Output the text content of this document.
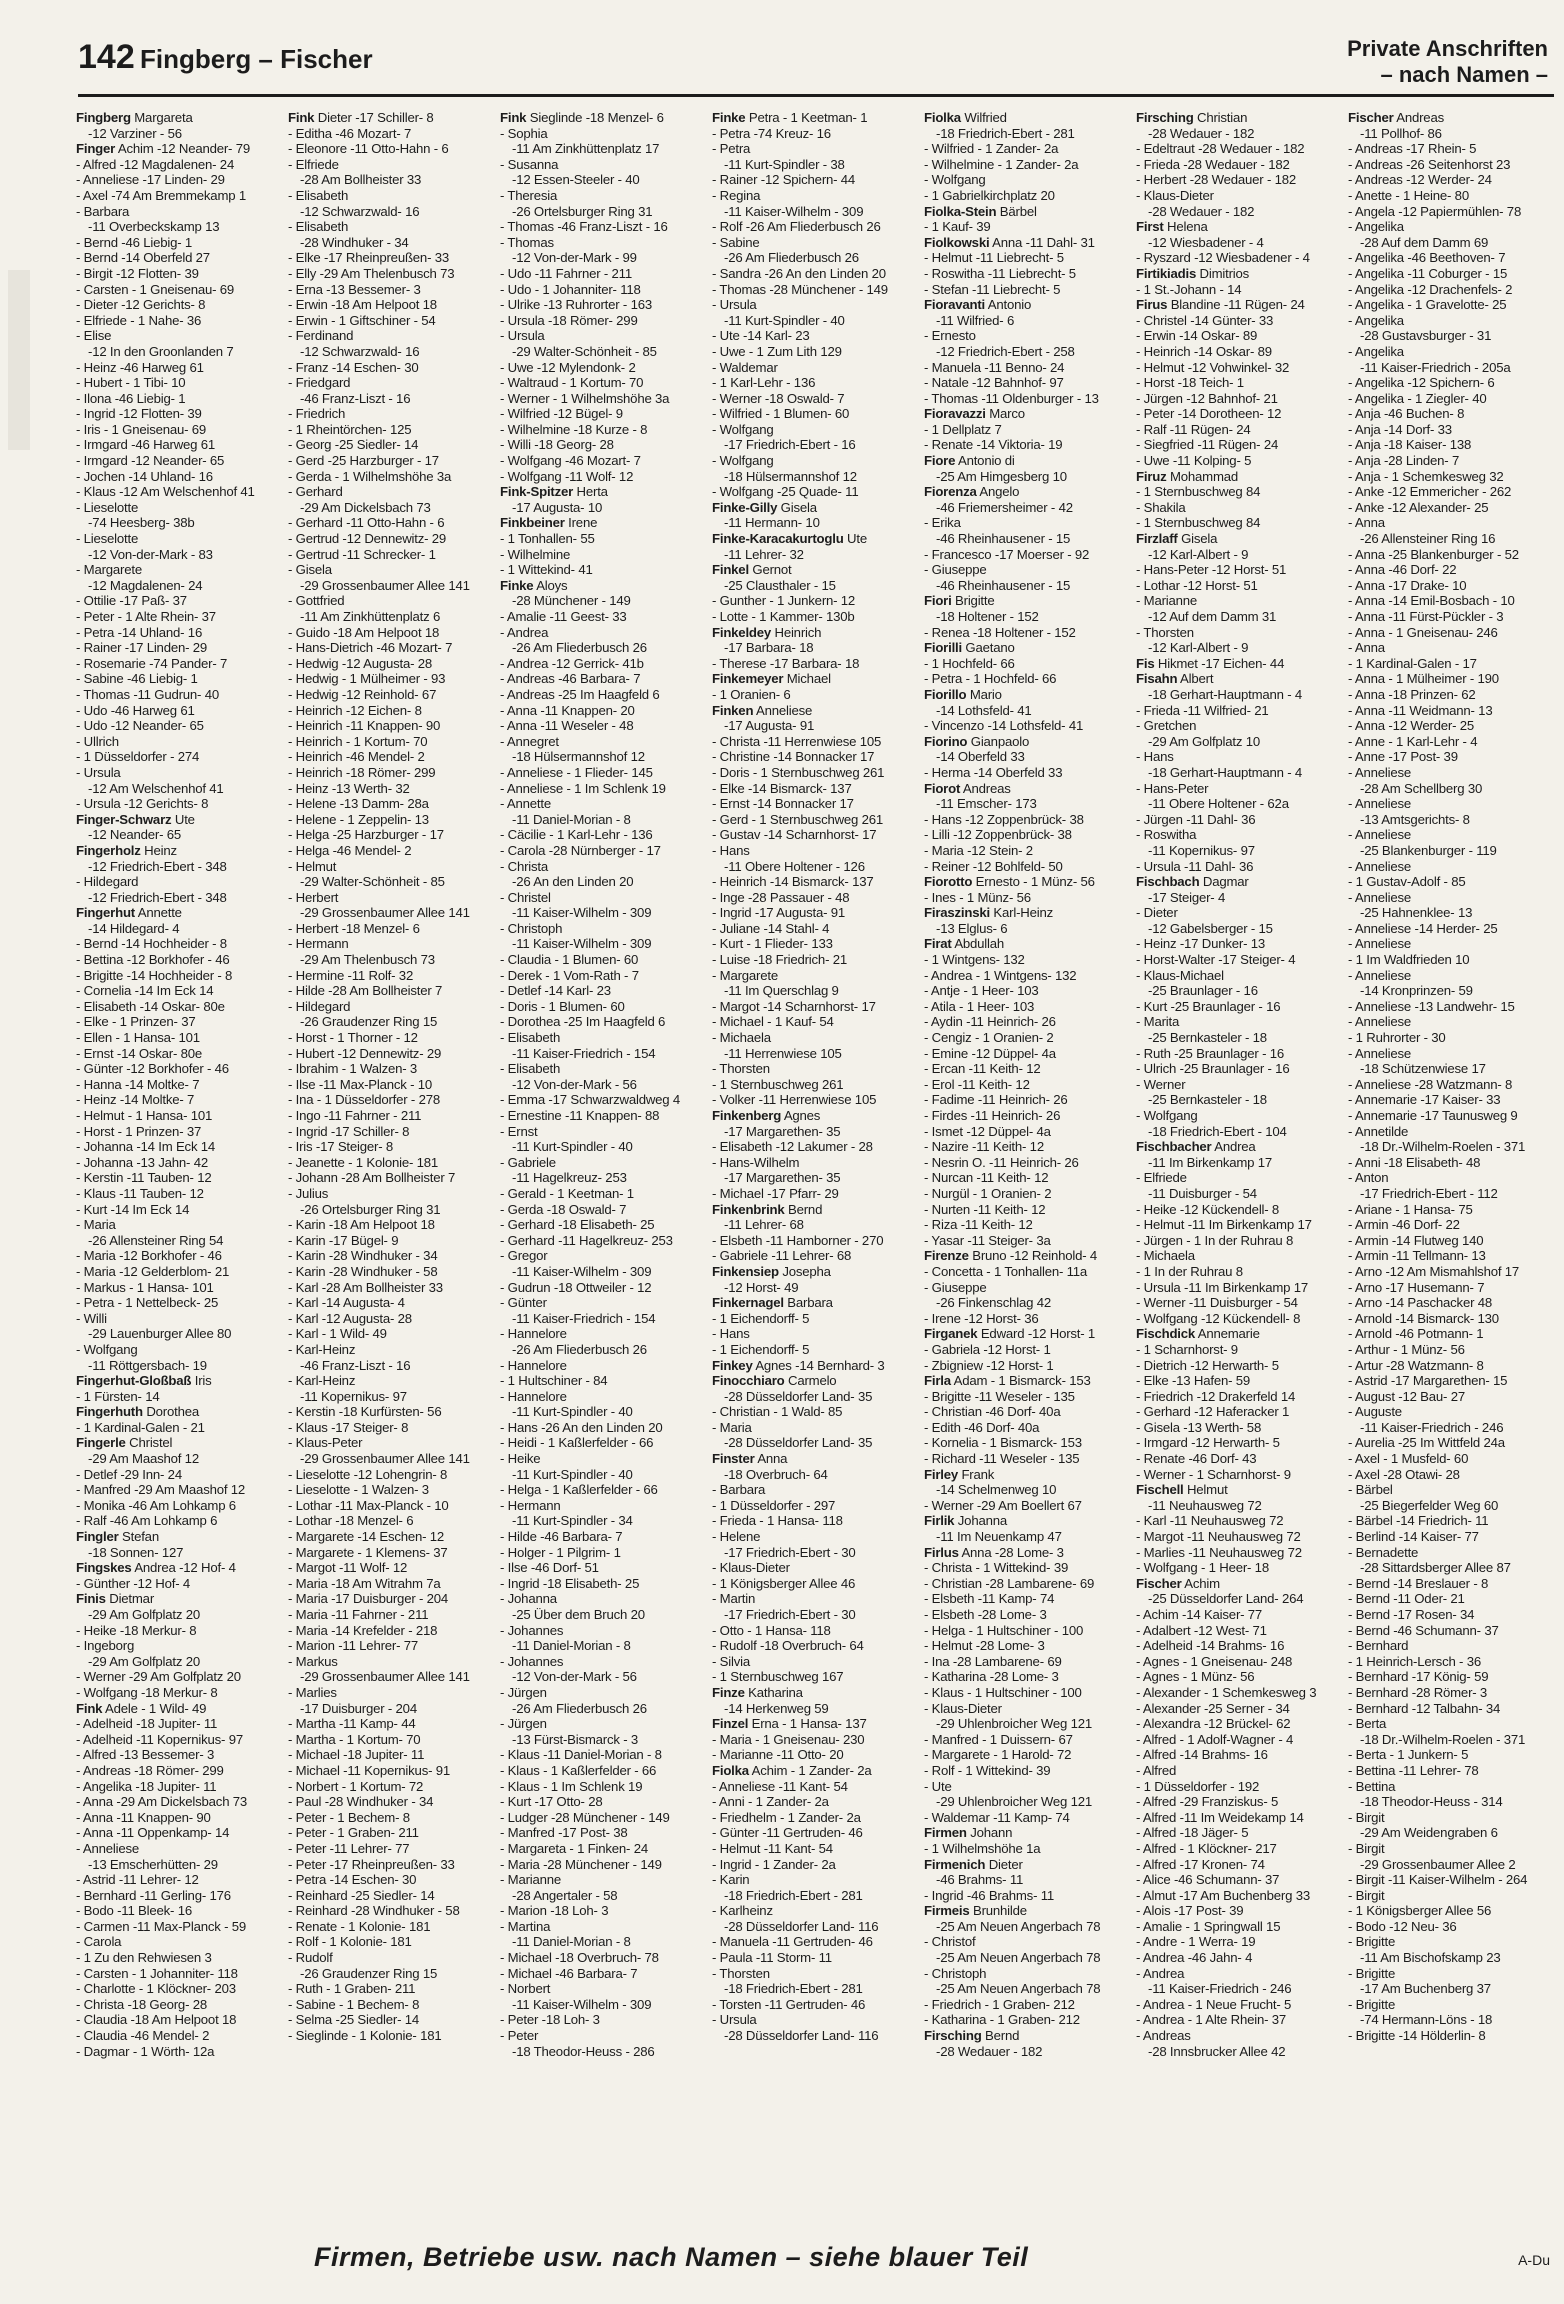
142 Fingberg – Fischer	Private Anschriften
– nach Namen –

Fingberg Margareta

-12 Varziner - 56

Finger Achim -12 Neander- 79

- Alfred -12 Magdalenen- 24

- Anneliese -17 Linden- 29

- Axel -74 Am Bremmekamp 1

- Barbara

-11 Overbeckskamp 13

- Bernd -46 Liebig- 1

- Bernd -14 Oberfeld 27

- Birgit -12 Flotten- 39

- Carsten - 1 Gneisenau- 69

- Dieter -12 Gerichts- 8

- Elfriede - 1 Nahe- 36

- Elise

-12 In den Groonlanden 7

- Heinz -46 Harweg 61

- Hubert - 1 Tibi- 10

- Ilona -46 Liebig- 1

- Ingrid -12 Flotten- 39

- Iris - 1 Gneisenau- 69

- Irmgard -46 Harweg 61

- Irmgard -12 Neander- 65

- Jochen -14 Uhland- 16

- Klaus -12 Am Welschenhof 41

- Lieselotte

-74 Heesberg- 38b

- Lieselotte

-12 Von-der-Mark - 83

- Margarete

-12 Magdalenen- 24

- Ottilie -17 Paß- 37

- Peter - 1 Alte Rhein- 37

- Petra -14 Uhland- 16

- Rainer -17 Linden- 29

- Rosemarie -74 Pander- 7

- Sabine -46 Liebig- 1

- Thomas -11 Gudrun- 40

- Udo -46 Harweg 61

- Udo -12 Neander- 65

- Ullrich

- 1 Düsseldorfer - 274

- Ursula

-12 Am Welschenhof 41

- Ursula -12 Gerichts- 8

Finger-Schwarz Ute

-12 Neander- 65

Fingerholz Heinz

-12 Friedrich-Ebert - 348

- Hildegard

-12 Friedrich-Ebert - 348

Fingerhut Annette

-14 Hildegard- 4

- Bernd -14 Hochheider - 8

- Bettina -12 Borkhofer - 46

- Brigitte -14 Hochheider - 8

- Cornelia -14 Im Eck 14

- Elisabeth -14 Oskar- 80e

- Elke - 1 Prinzen- 37

- Ellen - 1 Hansa- 101

- Ernst -14 Oskar- 80e

- Günter -12 Borkhofer - 46

- Hanna -14 Moltke- 7

- Heinz -14 Moltke- 7

- Helmut - 1 Hansa- 101

- Horst - 1 Prinzen- 37

- Johanna -14 Im Eck 14

- Johanna -13 Jahn- 42

- Kerstin -11 Tauben- 12

- Klaus -11 Tauben- 12

- Kurt -14 Im Eck 14

- Maria

-26 Allensteiner Ring 54

- Maria -12 Borkhofer - 46

- Maria -12 Gelderblom- 21

- Markus - 1 Hansa- 101

- Petra - 1 Nettelbeck- 25

- Willi

-29 Lauenburger Allee 80

- Wolfgang

-11 Röttgersbach- 19

Fingerhut-Gloßbaß Iris

- 1 Fürsten- 14

Fingerhuth Dorothea

- 1 Kardinal-Galen - 21

Fingerle Christel

-29 Am Maashof 12

- Detlef -29 Inn- 24

- Manfred -29 Am Maashof 12

- Monika -46 Am Lohkamp 6

- Ralf -46 Am Lohkamp 6

Fingler Stefan

-18 Sonnen- 127

Fingskes Andrea -12 Hof- 4

- Günther -12 Hof- 4

Finis Dietmar

-29 Am Golfplatz 20

- Heike -18 Merkur- 8

- Ingeborg

-29 Am Golfplatz 20

- Werner -29 Am Golfplatz 20

- Wolfgang -18 Merkur- 8

Fink Adele - 1 Wild- 49

- Adelheid -18 Jupiter- 11

- Adelheid -11 Kopernikus- 97

- Alfred -13 Bessemer- 3

- Andreas -18 Römer- 299

- Angelika -18 Jupiter- 11

- Anna -29 Am Dickelsbach 73

- Anna -11 Knappen- 90

- Anna -11 Oppenkamp- 14

- Anneliese

-13 Emscherhütten- 29

- Astrid -11 Lehrer- 12

- Bernhard -11 Gerling- 176

- Bodo -11 Bleek- 16

- Carmen -11 Max-Planck - 59

- Carola

- 1 Zu den Rehwiesen 3

- Carsten - 1 Johanniter- 118

- Charlotte - 1 Klöckner- 203

- Christa -18 Georg- 28

- Claudia -18 Am Helpoot 18

- Claudia -46 Mendel- 2

- Dagmar - 1 Wörth- 12a

Fink Dieter -17 Schiller- 8

- Editha -46 Mozart- 7

- Eleonore -11 Otto-Hahn - 6

- Elfriede

-28 Am Bollheister 33

- Elisabeth

-12 Schwarzwald- 16

- Elisabeth

-28 Windhuker - 34

- Elke -17 Rheinpreußen- 33

- Elly -29 Am Thelenbusch 73

- Erna -13 Bessemer- 3

- Erwin -18 Am Helpoot 18

- Erwin - 1 Giftschiner - 54

- Ferdinand

-12 Schwarzwald- 16

- Franz -14 Eschen- 30

- Friedgard

-46 Franz-Liszt - 16

- Friedrich

- 1 Rheintörchen- 125

- Georg -25 Siedler- 14

- Gerd -25 Harzburger - 17

- Gerda - 1 Wilhelmshöhe 3a

- Gerhard

-29 Am Dickelsbach 73

- Gerhard -11 Otto-Hahn - 6

- Gertrud -12 Dennewitz- 29

- Gertrud -11 Schrecker- 1

- Gisela

-29 Grossenbaumer Allee 141

- Gottfried

-11 Am Zinkhüttenplatz 6

- Guido -18 Am Helpoot 18

- Hans-Dietrich -46 Mozart- 7

- Hedwig -12 Augusta- 28

- Hedwig - 1 Mülheimer - 93

- Hedwig -12 Reinhold- 67

- Heinrich -12 Eichen- 8

- Heinrich -11 Knappen- 90

- Heinrich - 1 Kortum- 70

- Heinrich -46 Mendel- 2

- Heinrich -18 Römer- 299

- Heinz -13 Werth- 32

- Helene -13 Damm- 28a

- Helene - 1 Zeppelin- 13

- Helga -25 Harzburger - 17

- Helga -46 Mendel- 2

- Helmut

-29 Walter-Schönheit - 85

- Herbert

-29 Grossenbaumer Allee 141

- Herbert -18 Menzel- 6

- Hermann

-29 Am Thelenbusch 73

- Hermine -11 Rolf- 32

- Hilde -28 Am Bollheister 7

- Hildegard

-26 Graudenzer Ring 15

- Horst - 1 Thorner - 12

- Hubert -12 Dennewitz- 29

- Ibrahim - 1 Walzen- 3

- Ilse -11 Max-Planck - 10

- Ina - 1 Düsseldorfer - 278

- Ingo -11 Fahrner - 211

- Ingrid -17 Schiller- 8

- Iris -17 Steiger- 8

- Jeanette - 1 Kolonie- 181

- Johann -28 Am Bollheister 7

- Julius

-26 Ortelsburger Ring 31

- Karin -18 Am Helpoot 18

- Karin -17 Bügel- 9

- Karin -28 Windhuker - 34

- Karin -28 Windhuker - 58

- Karl -28 Am Bollheister 33

- Karl -14 Augusta- 4

- Karl -12 Augusta- 28

- Karl - 1 Wild- 49

- Karl-Heinz

-46 Franz-Liszt - 16

- Karl-Heinz

-11 Kopernikus- 97

- Kerstin -18 Kurfürsten- 56

- Klaus -17 Steiger- 8

- Klaus-Peter

-29 Grossenbaumer Allee 141

- Lieselotte -12 Lohengrin- 8

- Lieselotte - 1 Walzen- 3

- Lothar -11 Max-Planck - 10

- Lothar -18 Menzel- 6

- Margarete -14 Eschen- 12

- Margarete - 1 Klemens- 37

- Margot -11 Wolf- 12

- Maria -18 Am Witrahm 7a

- Maria -17 Duisburger - 204

- Maria -11 Fahrner - 211

- Maria -14 Krefelder - 218

- Marion -11 Lehrer- 77

- Markus

-29 Grossenbaumer Allee 141

- Marlies

-17 Duisburger - 204

- Martha -11 Kamp- 44

- Martha - 1 Kortum- 70

- Michael -18 Jupiter- 11

- Michael -11 Kopernikus- 91

- Norbert - 1 Kortum- 72

- Paul -28 Windhuker - 34

- Peter - 1 Bechem- 8

- Peter - 1 Graben- 211

- Peter -11 Lehrer- 77

- Peter -17 Rheinpreußen- 33

- Petra -14 Eschen- 30

- Reinhard -25 Siedler- 14

- Reinhard -28 Windhuker - 58

- Renate - 1 Kolonie- 181

- Rolf - 1 Kolonie- 181

- Rudolf

-26 Graudenzer Ring 15

- Ruth - 1 Graben- 211

- Sabine - 1 Bechem- 8

- Selma -25 Siedler- 14

- Sieglinde - 1 Kolonie- 181

Fink Sieglinde -18 Menzel- 6

- Sophia

-11 Am Zinkhüttenplatz 17

- Susanna

-12 Essen-Steeler - 40

- Theresia

-26 Ortelsburger Ring 31

- Thomas -46 Franz-Liszt - 16

- Thomas

-12 Von-der-Mark - 99

- Udo -11 Fahrner - 211

- Udo - 1 Johanniter- 118

- Ulrike -13 Ruhrorter - 163

- Ursula -18 Römer- 299

- Ursula

-29 Walter-Schönheit - 85

- Uwe -12 Mylendonk- 2

- Waltraud - 1 Kortum- 70

- Werner - 1 Wilhelmshöhe 3a

- Wilfried -12 Bügel- 9

- Wilhelmine -18 Kurze - 8

- Willi -18 Georg- 28

- Wolfgang -46 Mozart- 7

- Wolfgang -11 Wolf- 12

Fink-Spitzer Herta

-17 Augusta- 10

Finkbeiner Irene

- 1 Tonhallen- 55

- Wilhelmine

- 1 Wittekind- 41

Finke Aloys

-28 Münchener - 149

- Amalie -11 Geest- 33

- Andrea

-26 Am Fliederbusch 26

- Andrea -12 Gerrick- 41b

- Andreas -46 Barbara- 7

- Andreas -25 Im Haagfeld 6

- Anna -11 Knappen- 20

- Anna -11 Weseler - 48

- Annegret

-18 Hülsermannshof 12

- Anneliese - 1 Flieder- 145

- Anneliese - 1 Im Schlenk 19

- Annette

-11 Daniel-Morian - 8

- Cäcilie - 1 Karl-Lehr - 136

- Carola -28 Nürnberger - 17

- Christa

-26 An den Linden 20

- Christel

-11 Kaiser-Wilhelm - 309

- Christoph

-11 Kaiser-Wilhelm - 309

- Claudia - 1 Blumen- 60

- Derek - 1 Vom-Rath - 7

- Detlef -14 Karl- 23

- Doris - 1 Blumen- 60

- Dorothea -25 Im Haagfeld 6

- Elisabeth

-11 Kaiser-Friedrich - 154

- Elisabeth

-12 Von-der-Mark - 56

- Emma -17 Schwarzwaldweg 4

- Ernestine -11 Knappen- 88

- Ernst

-11 Kurt-Spindler - 40

- Gabriele

-11 Hagelkreuz- 253

- Gerald - 1 Keetman- 1

- Gerda -18 Oswald- 7

- Gerhard -18 Elisabeth- 25

- Gerhard -11 Hagelkreuz- 253

- Gregor

-11 Kaiser-Wilhelm - 309

- Gudrun -18 Ottweiler - 12

- Günter

-11 Kaiser-Friedrich - 154

- Hannelore

-26 Am Fliederbusch 26

- Hannelore

- 1 Hultschiner - 84

- Hannelore

-11 Kurt-Spindler - 40

- Hans -26 An den Linden 20

- Heidi - 1 Kaßlerfelder - 66

- Heike

-11 Kurt-Spindler - 40

- Helga - 1 Kaßlerfelder - 66

- Hermann

-11 Kurt-Spindler - 34

- Hilde -46 Barbara- 7

- Holger - 1 Pilgrim- 1

- Ilse -46 Dorf- 51

- Ingrid -18 Elisabeth- 25

- Johanna

-25 Über dem Bruch 20

- Johannes

-11 Daniel-Morian - 8

- Johannes

-12 Von-der-Mark - 56

- Jürgen

-26 Am Fliederbusch 26

- Jürgen

-13 Fürst-Bismarck - 3

- Klaus -11 Daniel-Morian - 8

- Klaus - 1 Kaßlerfelder - 66

- Klaus - 1 Im Schlenk 19

- Kurt -17 Otto- 28

- Ludger -28 Münchener - 149

- Manfred -17 Post- 38

- Margareta - 1 Finken- 24

- Maria -28 Münchener - 149

- Marianne

-28 Angertaler - 58

- Marion -18 Loh- 3

- Martina

-11 Daniel-Morian - 8

- Michael -18 Overbruch- 78

- Michael -46 Barbara- 7

- Norbert

-11 Kaiser-Wilhelm - 309

- Peter -18 Loh- 3

- Peter

-18 Theodor-Heuss - 286

Finke Petra - 1 Keetman- 1

- Petra -74 Kreuz- 16

- Petra

-11 Kurt-Spindler - 38

- Rainer -12 Spichern- 44

- Regina

-11 Kaiser-Wilhelm - 309

- Rolf -26 Am Fliederbusch 26

- Sabine

-26 Am Fliederbusch 26

- Sandra -26 An den Linden 20

- Thomas -28 Münchener - 149

- Ursula

-11 Kurt-Spindler - 40

- Ute -14 Karl- 23

- Uwe - 1 Zum Lith 129

- Waldemar

- 1 Karl-Lehr - 136

- Werner -18 Oswald- 7

- Wilfried - 1 Blumen- 60

- Wolfgang

-17 Friedrich-Ebert - 16

- Wolfgang

-18 Hülsermannshof 12

- Wolfgang -25 Quade- 11

Finke-Gilly Gisela

-11 Hermann- 10

Finke-Karacakurtoglu Ute

-11 Lehrer- 32

Finkel Gernot

-25 Clausthaler - 15

- Gunther - 1 Junkern- 12

- Lotte - 1 Kammer- 130b

Finkeldey Heinrich

-17 Barbara- 18

- Therese -17 Barbara- 18

Finkemeyer Michael

- 1 Oranien- 6

Finken Anneliese

-17 Augusta- 91

- Christa -11 Herrenwiese 105

- Christine -14 Bonnacker 17

- Doris - 1 Sternbuschweg 261

- Elke -14 Bismarck- 137

- Ernst -14 Bonnacker 17

- Gerd - 1 Sternbuschweg 261

- Gustav -14 Scharnhorst- 17

- Hans

-11 Obere Holtener - 126

- Heinrich -14 Bismarck- 137

- Inge -28 Passauer - 48

- Ingrid -17 Augusta- 91

- Juliane -14 Stahl- 4

- Kurt - 1 Flieder- 133

- Luise -18 Friedrich- 21

- Margarete

-11 Im Querschlag 9

- Margot -14 Scharnhorst- 17

- Michael - 1 Kauf- 54

- Michaela

-11 Herrenwiese 105

- Thorsten

- 1 Sternbuschweg 261

- Volker -11 Herrenwiese 105

Finkenberg Agnes

-17 Margarethen- 35

- Elisabeth -12 Lakumer - 28

- Hans-Wilhelm

-17 Margarethen- 35

- Michael -17 Pfarr- 29

Finkenbrink Bernd

-11 Lehrer- 68

- Elsbeth -11 Hamborner - 270

- Gabriele -11 Lehrer- 68

Finkensiep Josepha

-12 Horst- 49

Finkernagel Barbara

- 1 Eichendorff- 5

- Hans

- 1 Eichendorff- 5

Finkey Agnes -14 Bernhard- 3

Finocchiaro Carmelo

-28 Düsseldorfer Land- 35

- Christian - 1 Wald- 85

- Maria

-28 Düsseldorfer Land- 35

Finster Anna

-18 Overbruch- 64

- Barbara

- 1 Düsseldorfer - 297

- Frieda - 1 Hansa- 118

- Helene

-17 Friedrich-Ebert - 30

- Klaus-Dieter

- 1 Königsberger Allee 46

- Martin

-17 Friedrich-Ebert - 30

- Otto - 1 Hansa- 118

- Rudolf -18 Overbruch- 64

- Silvia

- 1 Sternbuschweg 167

Finze Katharina

-14 Herkenweg 59

Finzel Erna - 1 Hansa- 137

- Maria - 1 Gneisenau- 230

- Marianne -11 Otto- 20

Fiolka Achim - 1 Zander- 2a

- Anneliese -11 Kant- 54

- Anni - 1 Zander- 2a

- Friedhelm - 1 Zander- 2a

- Günter -11 Gertruden- 46

- Helmut -11 Kant- 54

- Ingrid - 1 Zander- 2a

- Karin

-18 Friedrich-Ebert - 281

- Karlheinz

-28 Düsseldorfer Land- 116

- Manuela -11 Gertruden- 46

- Paula -11 Storm- 11

- Thorsten

-18 Friedrich-Ebert - 281

- Torsten -11 Gertruden- 46

- Ursula

-28 Düsseldorfer Land- 116

Fiolka Wilfried

-18 Friedrich-Ebert - 281

- Wilfried - 1 Zander- 2a

- Wilhelmine - 1 Zander- 2a

- Wolfgang

- 1 Gabrielkirchplatz 20

Fiolka-Stein Bärbel

- 1 Kauf- 39

Fiolkowski Anna -11 Dahl- 31

- Helmut -11 Liebrecht- 5

- Roswitha -11 Liebrecht- 5

- Stefan -11 Liebrecht- 5

Fioravanti Antonio

-11 Wilfried- 6

- Ernesto

-12 Friedrich-Ebert - 258

- Manuela -11 Benno- 24

- Natale -12 Bahnhof- 97

- Thomas -11 Oldenburger - 13

Fioravazzi Marco

- 1 Dellplatz 7

- Renate -14 Viktoria- 19

Fiore Antonio di

-25 Am Himgesberg 10

Fiorenza Angelo

-46 Friemersheimer - 42

- Erika

-46 Rheinhausener - 15

- Francesco -17 Moerser - 92

- Giuseppe

-46 Rheinhausener - 15

Fiori Brigitte

-18 Holtener - 152

- Renea -18 Holtener - 152

Fiorilli Gaetano

- 1 Hochfeld- 66

- Petra - 1 Hochfeld- 66

Fiorillo Mario

-14 Lothsfeld- 41

- Vincenzo -14 Lothsfeld- 41

Fiorino Gianpaolo

-14 Oberfeld 33

- Herma -14 Oberfeld 33

Fiorot Andreas

-11 Emscher- 173

- Hans -12 Zoppenbrück- 38

- Lilli -12 Zoppenbrück- 38

- Maria -12 Stein- 2

- Reiner -12 Bohlfeld- 50

Fiorotto Ernesto - 1 Münz- 56

- Ines - 1 Münz- 56

Firaszinski Karl-Heinz

-13 Elglus- 6

Firat Abdullah

- 1 Wintgens- 132

- Andrea - 1 Wintgens- 132

- Antje - 1 Heer- 103

- Atila - 1 Heer- 103

- Aydin -11 Heinrich- 26

- Cengiz - 1 Oranien- 2

- Emine -12 Düppel- 4a

- Ercan -11 Keith- 12

- Erol -11 Keith- 12

- Fadime -11 Heinrich- 26

- Firdes -11 Heinrich- 26

- Ismet -12 Düppel- 4a

- Nazire -11 Keith- 12

- Nesrin O. -11 Heinrich- 26

- Nurcan -11 Keith- 12

- Nurgül - 1 Oranien- 2

- Nurten -11 Keith- 12

- Riza -11 Keith- 12

- Yasar -11 Steiger- 3a

Firenze Bruno -12 Reinhold- 4

- Concetta - 1 Tonhallen- 11a

- Giuseppe

-26 Finkenschlag 42

- Irene -12 Horst- 36

Firganek Edward -12 Horst- 1

- Gabriela -12 Horst- 1

- Zbigniew -12 Horst- 1

Firla Adam - 1 Bismarck- 153

- Brigitte -11 Weseler - 135

- Christian -46 Dorf- 40a

- Edith -46 Dorf- 40a

- Kornelia - 1 Bismarck- 153

- Richard -11 Weseler - 135

Firley Frank

-14 Schelmenweg 10

- Werner -29 Am Boellert 67

Firlik Johanna

-11 Im Neuenkamp 47

Firlus Anna -28 Lome- 3

- Christa - 1 Wittekind- 39

- Christian -28 Lambarene- 69

- Elsbeth -11 Kamp- 74

- Elsbeth -28 Lome- 3

- Helga - 1 Hultschiner - 100

- Helmut -28 Lome- 3

- Ina -28 Lambarene- 69

- Katharina -28 Lome- 3

- Klaus - 1 Hultschiner - 100

- Klaus-Dieter

-29 Uhlenbroicher Weg 121

- Manfred - 1 Duissern- 67

- Margarete - 1 Harold- 72

- Rolf - 1 Wittekind- 39

- Ute

-29 Uhlenbroicher Weg 121

- Waldemar -11 Kamp- 74

Firmen Johann

- 1 Wilhelmshöhe 1a

Firmenich Dieter

-46 Brahms- 11

- Ingrid -46 Brahms- 11

Firmeis Brunhilde

-25 Am Neuen Angerbach 78

- Christof

-25 Am Neuen Angerbach 78

- Christoph

-25 Am Neuen Angerbach 78

- Friedrich - 1 Graben- 212

- Katharina - 1 Graben- 212

Firsching Bernd

-28 Wedauer - 182

Firsching Christian

-28 Wedauer - 182

- Edeltraut -28 Wedauer - 182

- Frieda -28 Wedauer - 182

- Herbert -28 Wedauer - 182

- Klaus-Dieter

-28 Wedauer - 182

First Helena

-12 Wiesbadener - 4

- Ryszard -12 Wiesbadener - 4

Firtikiadis Dimitrios

- 1 St.-Johann - 14

Firus Blandine -11 Rügen- 24

- Christel -14 Günter- 33

- Erwin -14 Oskar- 89

- Heinrich -14 Oskar- 89

- Helmut -12 Vohwinkel- 32

- Horst -18 Teich- 1

- Jürgen -12 Bahnhof- 21

- Peter -14 Dorotheen- 12

- Ralf -11 Rügen- 24

- Siegfried -11 Rügen- 24

- Uwe -11 Kolping- 5

Firuz Mohammad

- 1 Sternbuschweg 84

- Shakila

- 1 Sternbuschweg 84

Firzlaff Gisela

-12 Karl-Albert - 9

- Hans-Peter -12 Horst- 51

- Lothar -12 Horst- 51

- Marianne

-12 Auf dem Damm 31

- Thorsten

-12 Karl-Albert - 9

Fis Hikmet -17 Eichen- 44

Fisahn Albert

-18 Gerhart-Hauptmann - 4

- Frieda -11 Wilfried- 21

- Gretchen

-29 Am Golfplatz 10

- Hans

-18 Gerhart-Hauptmann - 4

- Hans-Peter

-11 Obere Holtener - 62a

- Jürgen -11 Dahl- 36

- Roswitha

-11 Kopernikus- 97

- Ursula -11 Dahl- 36

Fischbach Dagmar

-17 Steiger- 4

- Dieter

-12 Gabelsberger - 15

- Heinz -17 Dunker- 13

- Horst-Walter -17 Steiger- 4

- Klaus-Michael

-25 Braunlager - 16

- Kurt -25 Braunlager - 16

- Marita

-25 Bernkasteler - 18

- Ruth -25 Braunlager - 16

- Ulrich -25 Braunlager - 16

- Werner

-25 Bernkasteler - 18

- Wolfgang

-18 Friedrich-Ebert - 104

Fischbacher Andrea

-11 Im Birkenkamp 17

- Elfriede

-11 Duisburger - 54

- Heike -12 Kückendell- 8

- Helmut -11 Im Birkenkamp 17

- Jürgen - 1 In der Ruhrau 8

- Michaela

- 1 In der Ruhrau 8

- Ursula -11 Im Birkenkamp 17

- Werner -11 Duisburger - 54

- Wolfgang -12 Kückendell- 8

Fischdick Annemarie

- 1 Scharnhorst- 9

- Dietrich -12 Herwarth- 5

- Elke -13 Hafen- 59

- Friedrich -12 Drakerfeld 14

- Gerhard -12 Haferacker 1

- Gisela -13 Werth- 58

- Irmgard -12 Herwarth- 5

- Renate -46 Dorf- 43

- Werner - 1 Scharnhorst- 9

Fischell Helmut

-11 Neuhausweg 72

- Karl -11 Neuhausweg 72

- Margot -11 Neuhausweg 72

- Marlies -11 Neuhausweg 72

- Wolfgang - 1 Heer- 18

Fischer Achim

-25 Düsseldorfer Land- 264

- Achim -14 Kaiser- 77

- Adalbert -12 West- 71

- Adelheid -14 Brahms- 16

- Agnes - 1 Gneisenau- 248

- Agnes - 1 Münz- 56

- Alexander - 1 Schemkesweg 3

- Alexander -25 Serner - 34

- Alexandra -12 Brückel- 62

- Alfred - 1 Adolf-Wagner - 4

- Alfred -14 Brahms- 16

- Alfred

- 1 Düsseldorfer - 192

- Alfred -29 Franziskus- 5

- Alfred -11 Im Weidekamp 14

- Alfred -18 Jäger- 5

- Alfred - 1 Klöckner- 217

- Alfred -17 Kronen- 74

- Alice -46 Schumann- 37

- Almut -17 Am Buchenberg 33

- Alois -17 Post- 39

- Amalie - 1 Springwall 15

- Andre - 1 Werra- 19

- Andrea -46 Jahn- 4

- Andrea

-11 Kaiser-Friedrich - 246

- Andrea - 1 Neue Frucht- 5

- Andrea - 1 Alte Rhein- 37

- Andreas

-28 Innsbrucker Allee 42

Fischer Andreas

-11 Pollhof- 86

- Andreas -17 Rhein- 5

- Andreas -26 Seitenhorst 23

- Andreas -12 Werder- 24

- Anette - 1 Heine- 80

- Angela -12 Papiermühlen- 78

- Angelika

-28 Auf dem Damm 69

- Angelika -46 Beethoven- 7

- Angelika -11 Coburger - 15

- Angelika -12 Drachenfels- 2

- Angelika - 1 Gravelotte- 25

- Angelika

-28 Gustavsburger - 31

- Angelika

-11 Kaiser-Friedrich - 205a

- Angelika -12 Spichern- 6

- Angelika - 1 Ziegler- 40

- Anja -46 Buchen- 8

- Anja -14 Dorf- 33

- Anja -18 Kaiser- 138

- Anja -28 Linden- 7

- Anja - 1 Schemkesweg 32

- Anke -12 Emmericher - 262

- Anke -12 Alexander- 25

- Anna

-26 Allensteiner Ring 16

- Anna -25 Blankenburger - 52

- Anna -46 Dorf- 22

- Anna -17 Drake- 10

- Anna -14 Emil-Bosbach - 10

- Anna -11 Fürst-Pückler - 3

- Anna - 1 Gneisenau- 246

- Anna

- 1 Kardinal-Galen - 17

- Anna - 1 Mülheimer - 190

- Anna -18 Prinzen- 62

- Anna -11 Weidmann- 13

- Anna -12 Werder- 25

- Anne - 1 Karl-Lehr - 4

- Anne -17 Post- 39

- Anneliese

-28 Am Schellberg 30

- Anneliese

-13 Amtsgerichts- 8

- Anneliese

-25 Blankenburger - 119

- Anneliese

- 1 Gustav-Adolf - 85

- Anneliese

-25 Hahnenklee- 13

- Anneliese -14 Herder- 25

- Anneliese

- 1 Im Waldfrieden 10

- Anneliese

-14 Kronprinzen- 59

- Anneliese -13 Landwehr- 15

- Anneliese

- 1 Ruhrorter - 30

- Anneliese

-18 Schützenwiese 17

- Anneliese -28 Watzmann- 8

- Annemarie -17 Kaiser- 33

- Annemarie -17 Taunusweg 9

- Annetilde

-18 Dr.-Wilhelm-Roelen - 371

- Anni -18 Elisabeth- 48

- Anton

-17 Friedrich-Ebert - 112

- Ariane - 1 Hansa- 75

- Armin -46 Dorf- 22

- Armin -14 Flutweg 140

- Armin -11 Tellmann- 13

- Arno -12 Am Mismahlshof 17

- Arno -17 Husemann- 7

- Arno -14 Paschacker 48

- Arnold -14 Bismarck- 130

- Arnold -46 Potmann- 1

- Arthur - 1 Münz- 56

- Artur -28 Watzmann- 8

- Astrid -17 Margarethen- 15

- August -12 Bau- 27

- Auguste

-11 Kaiser-Friedrich - 246

- Aurelia -25 Im Wittfeld 24a

- Axel - 1 Musfeld- 60

- Axel -28 Otawi- 28

- Bärbel

-25 Biegerfelder Weg 60

- Bärbel -14 Friedrich- 11

- Berlind -14 Kaiser- 77

- Bernadette

-28 Sittardsberger Allee 87

- Bernd -14 Breslauer - 8

- Bernd -11 Oder- 21

- Bernd -17 Rosen- 34

- Bernd -46 Schumann- 37

- Bernhard

- 1 Heinrich-Lersch - 36

- Bernhard -17 König- 59

- Bernhard -28 Römer- 3

- Bernhard -12 Talbahn- 34

- Berta

-18 Dr.-Wilhelm-Roelen - 371

- Berta - 1 Junkern- 5

- Bettina -11 Lehrer- 78

- Bettina

-18 Theodor-Heuss - 314

- Birgit

-29 Am Weidengraben 6

- Birgit

-29 Grossenbaumer Allee 2

- Birgit -11 Kaiser-Wilhelm - 264

- Birgit

- 1 Königsberger Allee 56

- Bodo -12 Neu- 36

- Brigitte

-11 Am Bischofskamp 23

- Brigitte

-17 Am Buchenberg 37

- Brigitte

-74 Hermann-Löns - 18

- Brigitte -14 Hölderlin- 8

Firmen, Betriebe usw. nach Namen – siehe blauer Teil	A-Du
